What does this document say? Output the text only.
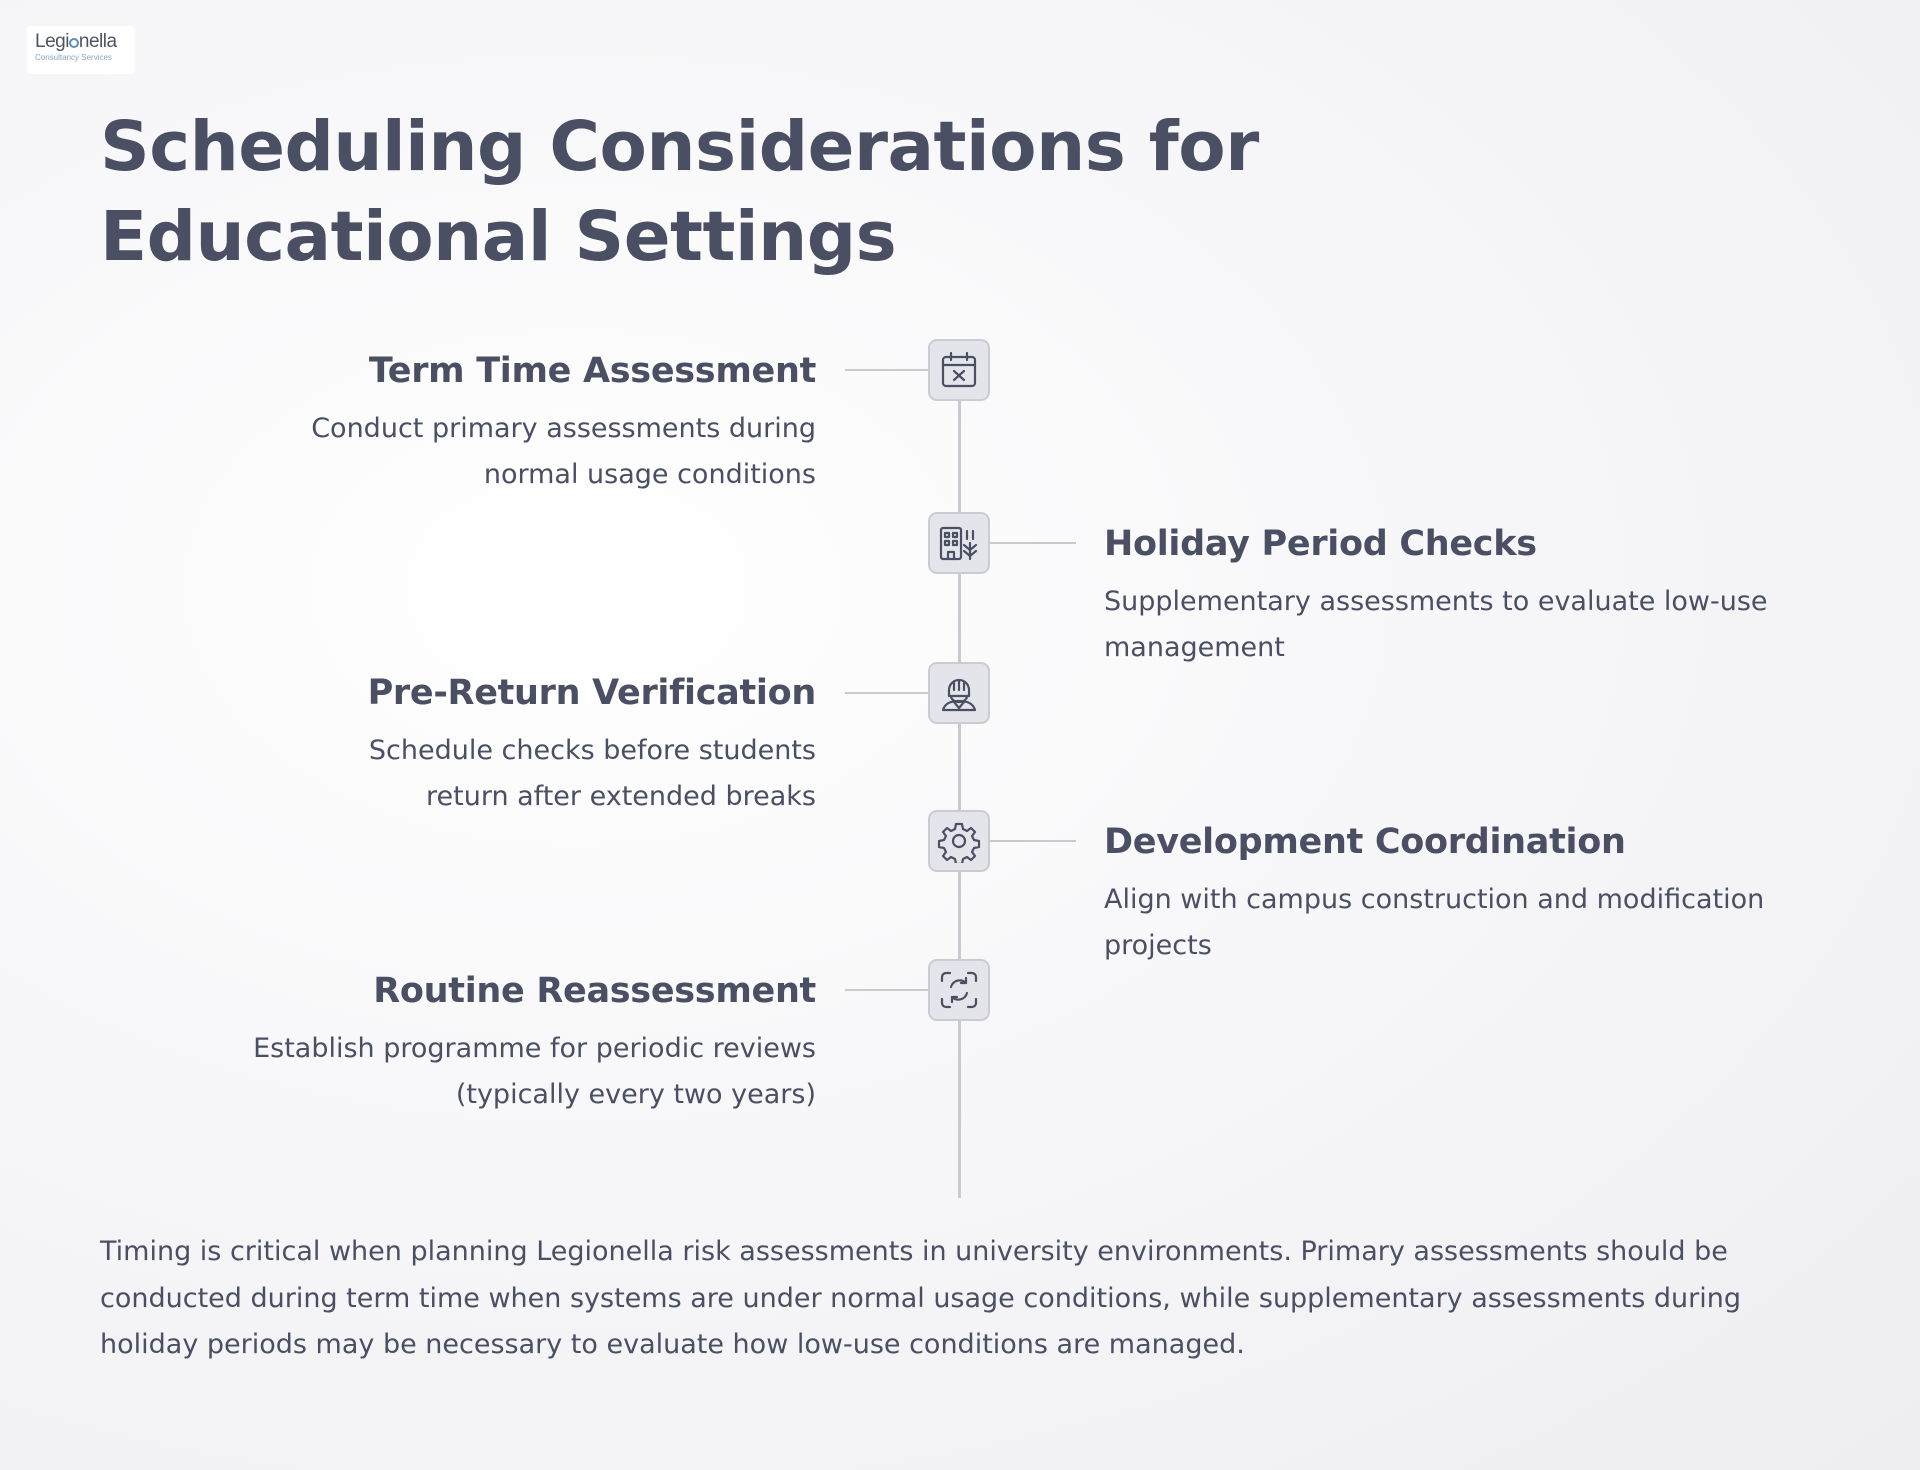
Legi nella
Consultancy Services
Scheduling Considerations for Educational Settings
Term Time Assessment

Conduct primary assessments during normal usage conditions

Holiday Period Checks

Supplementary assessments to evaluate low-use management

Pre-Return Verification

Schedule checks before students return after extended breaks

Development Coordination

Align with campus construction and modification projects

Routine Reassessment

Establish programme for periodic reviews (typically every two years)

Timing is critical when planning Legionella risk assessments in university environments. Primary assessments should be conducted during term time when systems are under normal usage conditions, while supplementary assessments during holiday periods may be necessary to evaluate how low-use conditions are managed.
